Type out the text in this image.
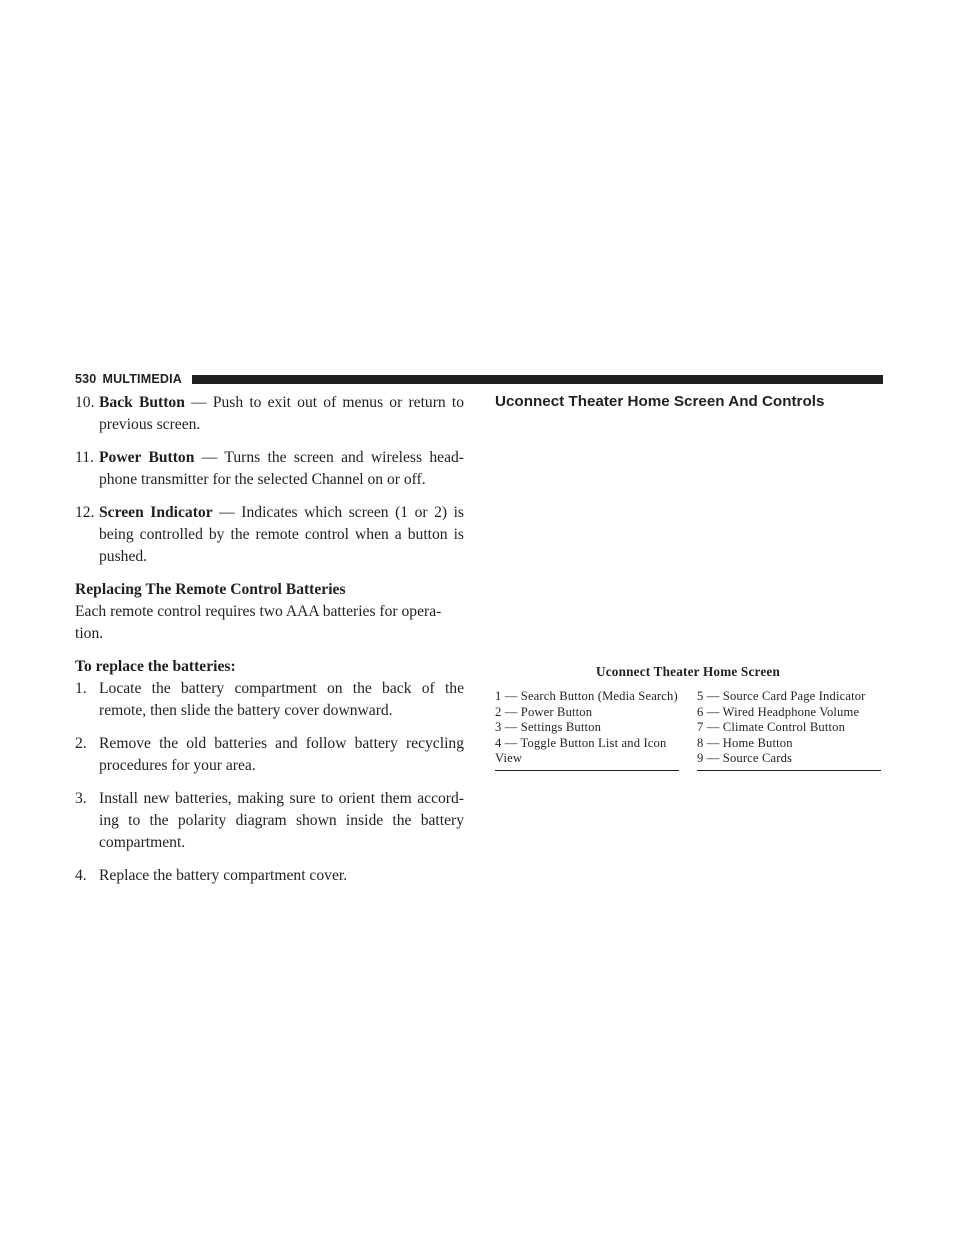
530 MULTIMEDIA
10. Back Button — Push to exit out of menus or return to previous screen.
11. Power Button — Turns the screen and wireless head-phone transmitter for the selected Channel on or off.
12. Screen Indicator — Indicates which screen (1 or 2) is being controlled by the remote control when a button is pushed.

Replacing The Remote Control Batteries

Each remote control requires two AAA batteries for opera-tion.

To replace the batteries:

1. Locate the battery compartment on the back of the remote, then slide the battery cover downward.
2. Remove the old batteries and follow battery recycling procedures for your area.
3. Install new batteries, making sure to orient them accord-ing to the polarity diagram shown inside the battery compartment.
4. Replace the battery compartment cover.
Uconnect Theater Home Screen And Controls
Uconnect Theater Home Screen

1 — Search Button (Media Search)

2 — Power Button

3 — Settings Button

4 — Toggle Button List and Icon View

5 — Source Card Page Indicator

6 — Wired Headphone Volume

7 — Climate Control Button

8 — Home Button

9 — Source Cards
